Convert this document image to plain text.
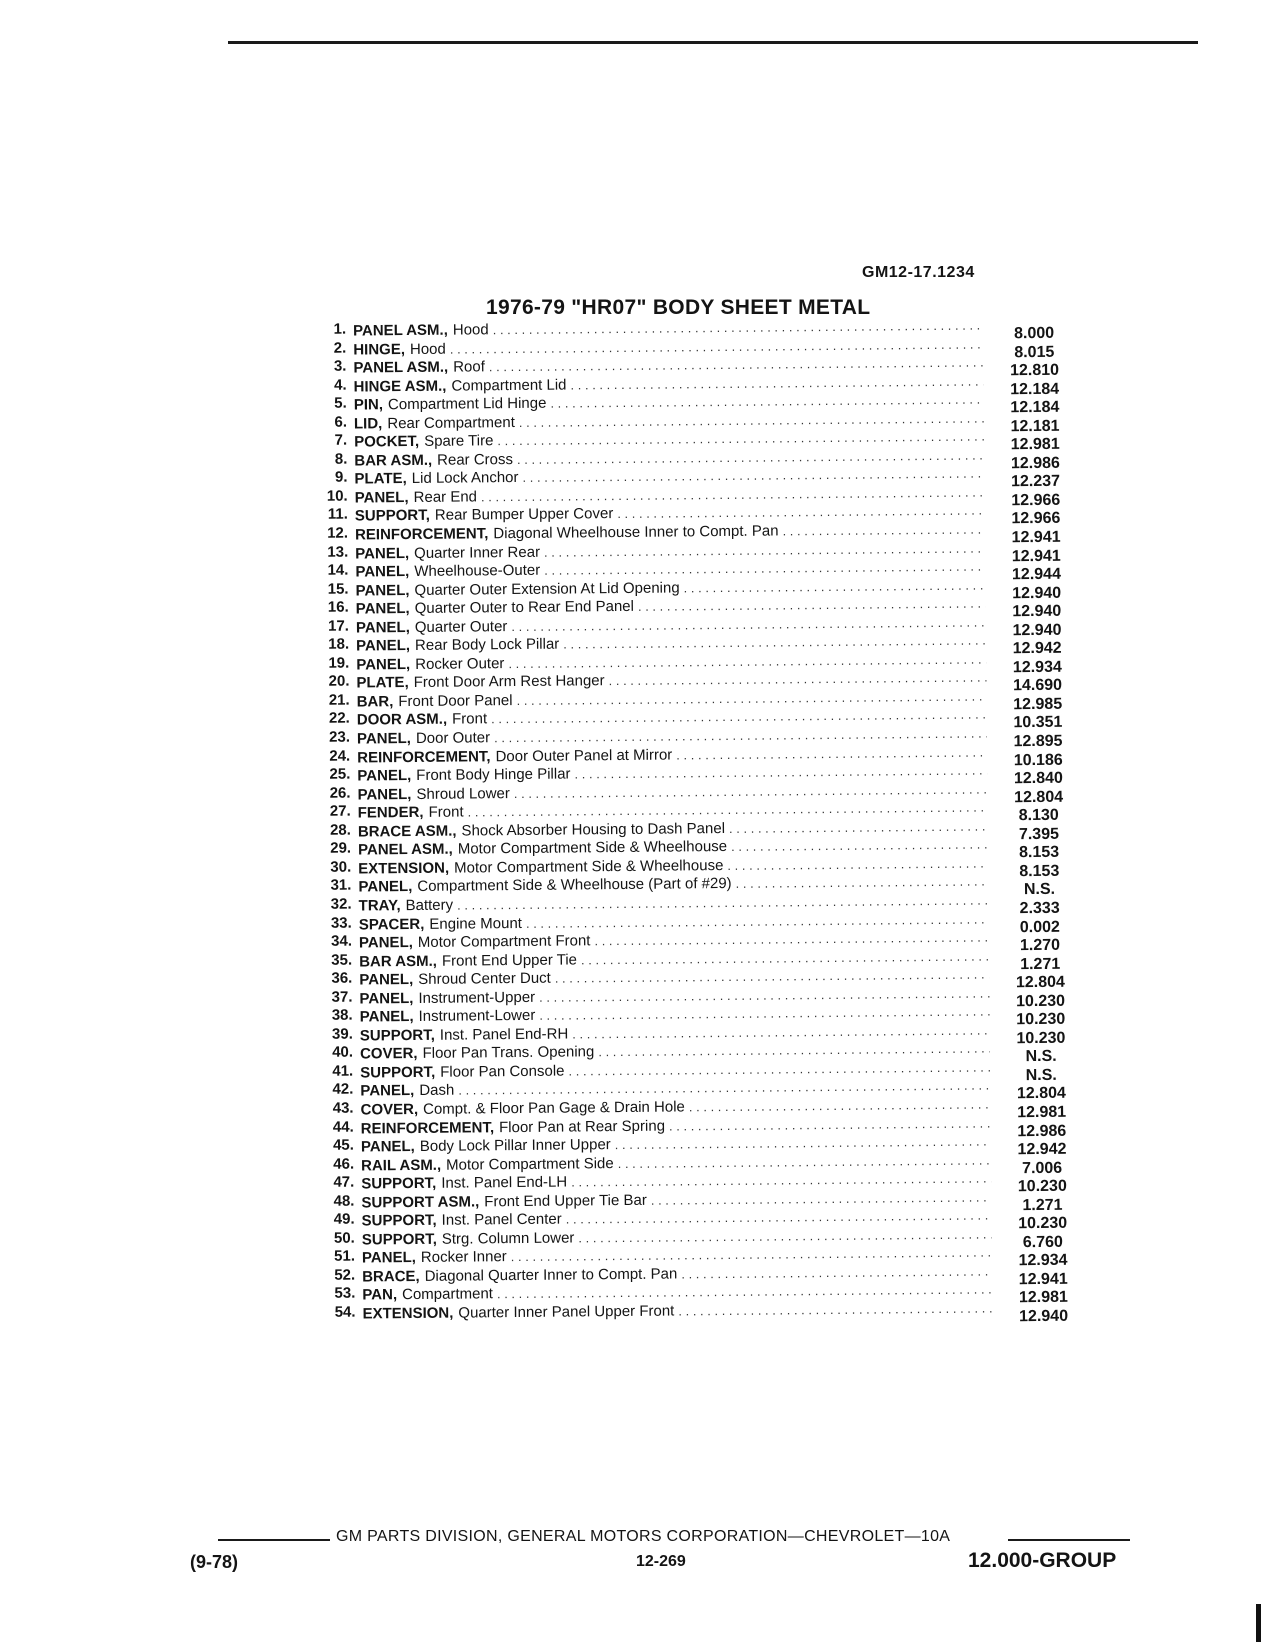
GM12-17.1234
1976-79 "HR07" BODY SHEET METAL
1. PANEL ASM., Hood . . .	8.000
2. HINGE, Hood . . .	8.015
3. PANEL ASM., Roof . . .	12.810
4. HINGE ASM., Compartment Lid . . .	12.184
5. PIN, Compartment Lid Hinge . . .	12.184
6. LID, Rear Compartment . . .	12.181
7. POCKET, Spare Tire . . .	12.981
8. BAR ASM., Rear Cross . . .	12.986
9. PLATE, Lid Lock Anchor . . .	12.237
10. PANEL, Rear End . . .	12.966
11. SUPPORT, Rear Bumper Upper Cover . . .	12.966
12. REINFORCEMENT, Diagonal Wheelhouse Inner to Compt. Pan . . .	12.941
13. PANEL, Quarter Inner Rear . . .	12.941
14. PANEL, Wheelhouse-Outer . . .	12.944
15. PANEL, Quarter Outer Extension At Lid Opening . . .	12.940
16. PANEL, Quarter Outer to Rear End Panel . . .	12.940
17. PANEL, Quarter Outer . . .	12.940
18. PANEL, Rear Body Lock Pillar . . .	12.942
19. PANEL, Rocker Outer . . .	12.934
20. PLATE, Front Door Arm Rest Hanger . . .	14.690
21. BAR, Front Door Panel . . .	12.985
22. DOOR ASM., Front . . .	10.351
23. PANEL, Door Outer . . .	12.895
24. REINFORCEMENT, Door Outer Panel at Mirror . . .	10.186
25. PANEL, Front Body Hinge Pillar . . .	12.840
26. PANEL, Shroud Lower . . .	12.804
27. FENDER, Front . . .	8.130
28. BRACE ASM., Shock Absorber Housing to Dash Panel . . .	7.395
29. PANEL ASM., Motor Compartment Side & Wheelhouse . . .	8.153
30. EXTENSION, Motor Compartment Side & Wheelhouse . . .	8.153
31. PANEL, Compartment Side & Wheelhouse (Part of #29) . . .	N.S.
32. TRAY, Battery . . .	2.333
33. SPACER, Engine Mount . . .	0.002
34. PANEL, Motor Compartment Front . . .	1.270
35. BAR ASM., Front End Upper Tie . . .	1.271
36. PANEL, Shroud Center Duct . . .	12.804
37. PANEL, Instrument-Upper . . .	10.230
38. PANEL, Instrument-Lower . . .	10.230
39. SUPPORT, Inst. Panel End-RH . . .	10.230
40. COVER, Floor Pan Trans. Opening . . .	N.S.
41. SUPPORT, Floor Pan Console . . .	N.S.
42. PANEL, Dash . . .	12.804
43. COVER, Compt. & Floor Pan Gage & Drain Hole . . .	12.981
44. REINFORCEMENT, Floor Pan at Rear Spring . . .	12.986
45. PANEL, Body Lock Pillar Inner Upper . . .	12.942
46. RAIL ASM., Motor Compartment Side . . .	7.006
47. SUPPORT, Inst. Panel End-LH . . .	10.230
48. SUPPORT ASM., Front End Upper Tie Bar . . .	1.271
49. SUPPORT, Inst. Panel Center . . .	10.230
50. SUPPORT, Strg. Column Lower . . .	6.760
51. PANEL, Rocker Inner . . .	12.934
52. BRACE, Diagonal Quarter Inner to Compt. Pan . . .	12.941
53. PAN, Compartment . . .	12.981
54. EXTENSION, Quarter Inner Panel Upper Front . . .	12.940
GM PARTS DIVISION, GENERAL MOTORS CORPORATION—CHEVROLET—10A
(9-78)	12-269	12.000-GROUP
